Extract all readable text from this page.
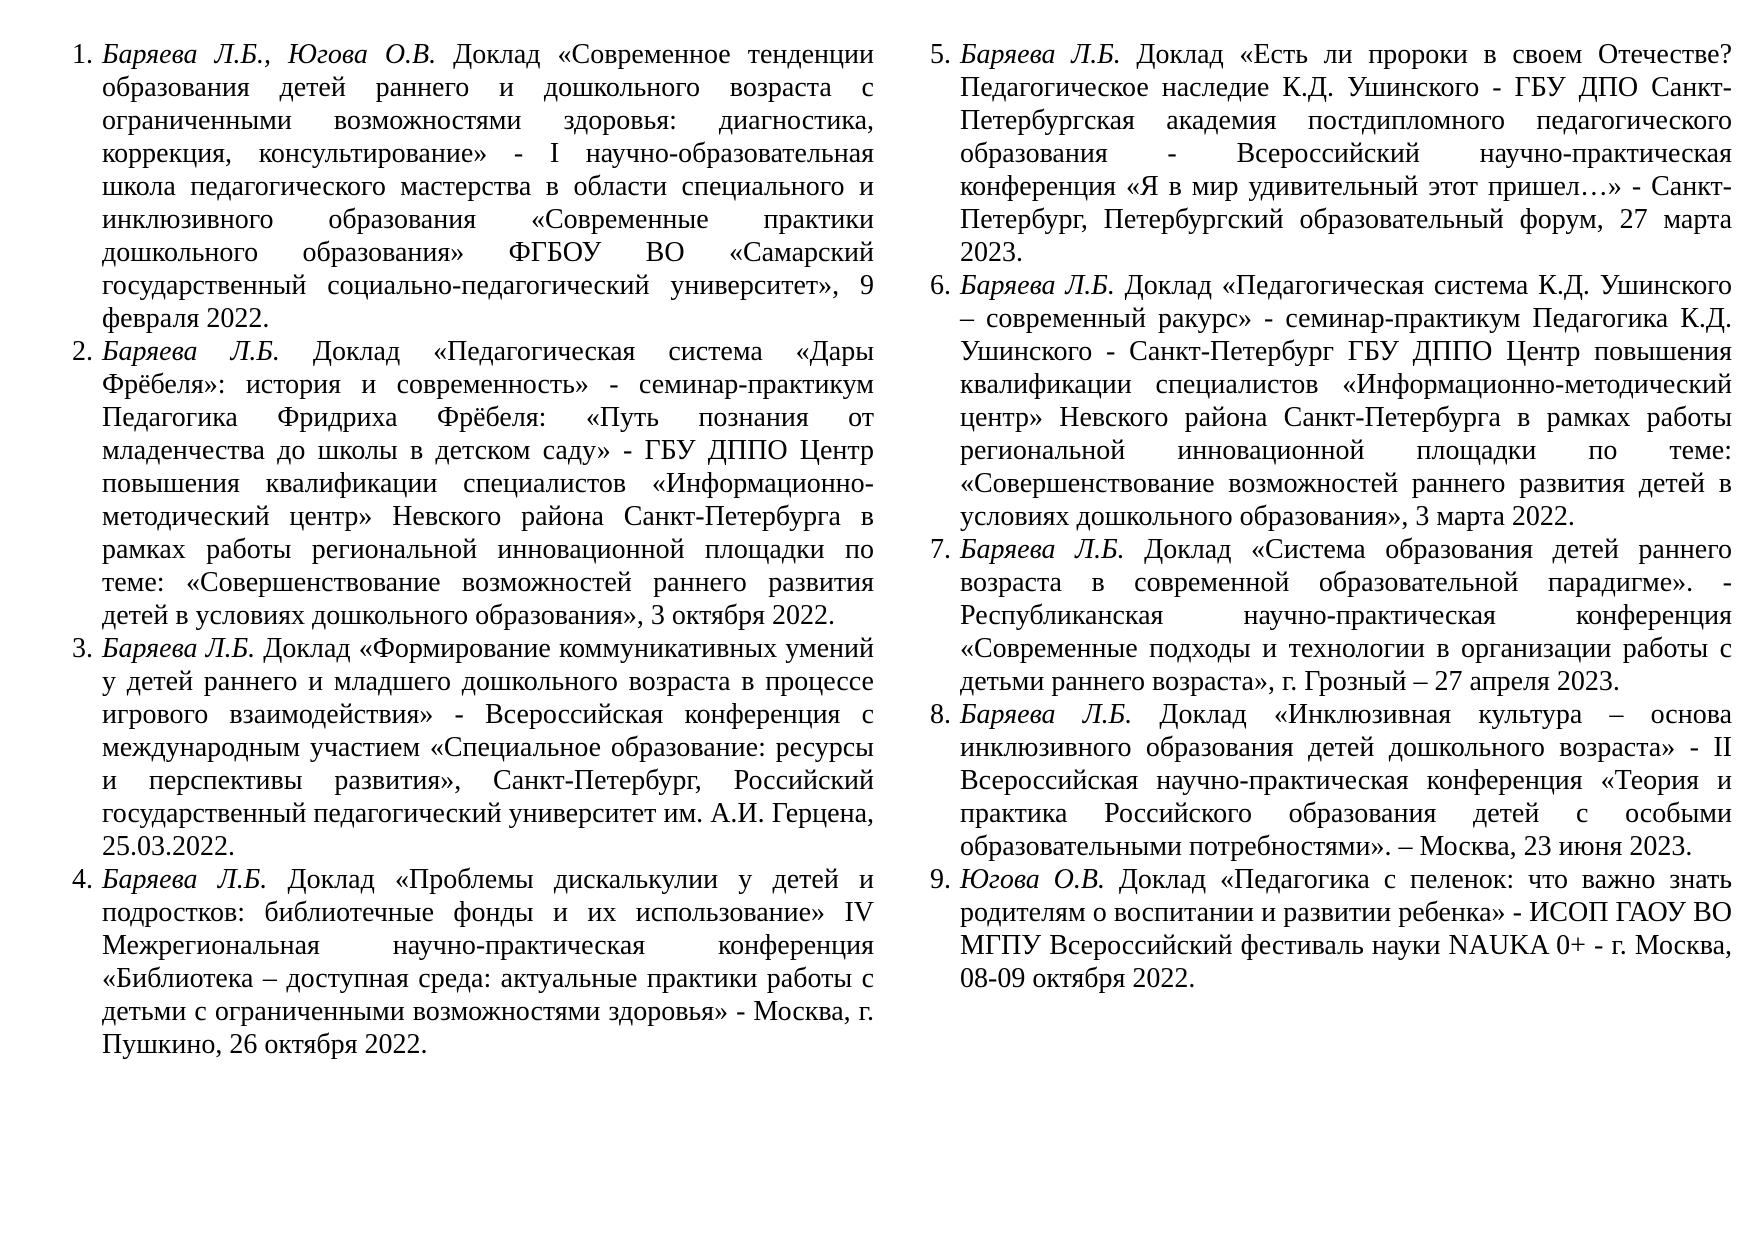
1. Баряева Л.Б., Югова О.В. Доклад «Современное тенденции образования детей раннего и дошкольного возраста с ограниченными возможностями здоровья: диагностика, коррекция, консультирование» - I научно-образовательная школа педагогического мастерства в области специального и инклюзивного образования «Современные практики дошкольного образования» ФГБОУ ВО «Самарский государственный социально-педагогический университет», 9 февраля 2022.

2. Баряева Л.Б. Доклад «Педагогическая система «Дары Фрёбеля»: история и современность» - семинар-практикум Педагогика Фридриха Фрёбеля: «Путь познания от младенчества до школы в детском саду» - ГБУ ДППО Центр повышения квалификации специалистов «Информационно-методический центр» Невского района Санкт-Петербурга в рамках работы региональной инновационной площадки по теме: «Совершенствование возможностей раннего развития детей в условиях дошкольного образования», 3 октября 2022.

3. Баряева Л.Б. Доклад «Формирование коммуникативных умений у детей раннего и младшего дошкольного возраста в процессе игрового взаимодействия» - Всероссийская конференция с международным участием «Специальное образование: ресурсы и перспективы развития», Санкт-Петербург, Российский государственный педагогический университет им. А.И. Герцена, 25.03.2022.

4. Баряева Л.Б. Доклад «Проблемы дискалькулии у детей и подростков: библиотечные фонды и их использование» IV Межрегиональная научно-практическая конференция «Библиотека – доступная среда: актуальные практики работы с детьми с ограниченными возможностями здоровья» - Москва, г. Пушкино, 26 октября 2022.

5. Баряева Л.Б. Доклад «Есть ли пророки в своем Отечестве? Педагогическое наследие К.Д. Ушинского - ГБУ ДПО Санкт-Петербургская академия постдипломного педагогического образования - Всероссийский научно-практическая конференция «Я в мир удивительный этот пришел…» - Санкт-Петербург, Петербургский образовательный форум, 27 марта 2023.

6. Баряева Л.Б. Доклад «Педагогическая система К.Д. Ушинского – современный ракурс» - семинар-практикум Педагогика К.Д. Ушинского - Санкт-Петербург ГБУ ДППО Центр повышения квалификации специалистов «Информационно-методический центр» Невского района Санкт-Петербурга в рамках работы региональной инновационной площадки по теме: «Совершенствование возможностей раннего развития детей в условиях дошкольного образования», 3 марта 2022.

7. Баряева Л.Б. Доклад «Система образования детей раннего возраста в современной образовательной парадигме». - Республиканская научно-практическая конференция «Современные подходы и технологии в организации работы с детьми раннего возраста», г. Грозный – 27 апреля 2023.

8. Баряева Л.Б. Доклад «Инклюзивная культура – основа инклюзивного образования детей дошкольного возраста» - II Всероссийская научно-практическая конференция «Теория и практика Российского образования детей с особыми образовательными потребностями». – Москва, 23 июня 2023.

9. Югова О.В. Доклад «Педагогика с пеленок: что важно знать родителям о воспитании и развитии ребенка» - ИСОП ГАОУ ВО МГПУ Всероссийский фестиваль науки NAUKA 0+ - г. Москва, 08-09 октября 2022.
